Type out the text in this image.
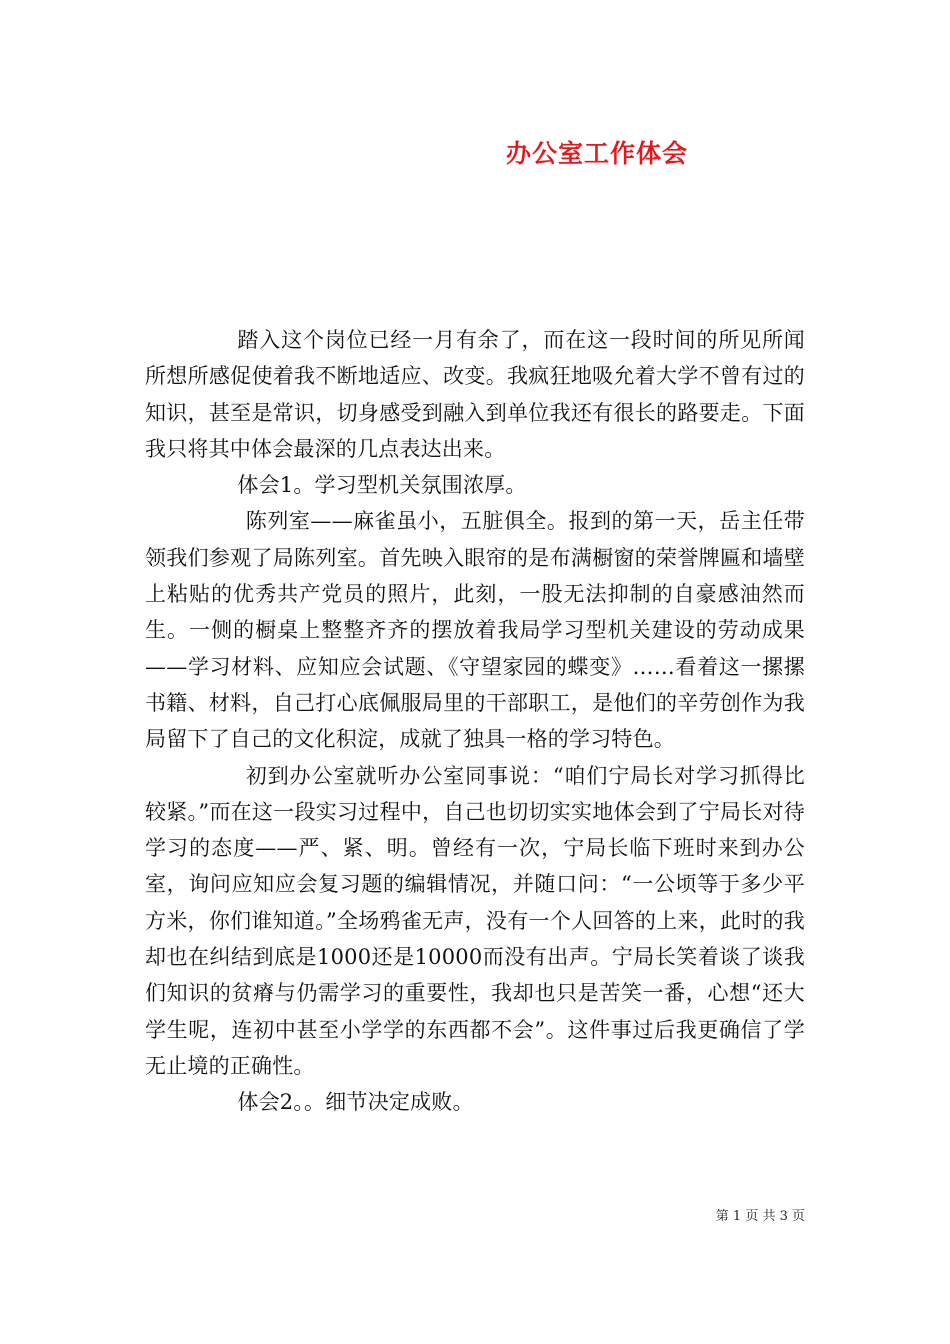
办公室工作体会

踏入这个岗位已经一月有余了，而在这一段时间的所见所闻所想所感促使着我不断地适应、改变。我疯狂地吸允着大学不曾有过的知识，甚至是常识，切身感受到融入到单位我还有很长的路要走。下面我只将其中体会最深的几点表达出来。

体会1。学习型机关氛围浓厚。

陈列室——麻雀虽小，五脏俱全。报到的第一天，岳主任带领我们参观了局陈列室。首先映入眼帘的是布满橱窗的荣誉牌匾和墙壁上粘贴的优秀共产党员的照片，此刻，一股无法抑制的自豪感油然而生。一侧的橱桌上整整齐齐的摆放着我局学习型机关建设的劳动成果——学习材料、应知应会试题、《守望家园的蝶变》……看着这一摞摞书籍、材料，自己打心底佩服局里的干部职工，是他们的辛劳创作为我局留下了自己的文化积淀，成就了独具一格的学习特色。

初到办公室就听办公室同事说：“咱们宁局长对学习抓得比较紧。”而在这一段实习过程中，自己也切切实实地体会到了宁局长对待学习的态度——严、紧、明。曾经有一次，宁局长临下班时来到办公室，询问应知应会复习题的编辑情况，并随口问：“一公顷等于多少平方米，你们谁知道。”全场鸦雀无声，没有一个人回答的上来，此时的我却也在纠结到底是1000还是10000而没有出声。宁局长笑着谈了谈我们知识的贫瘠与仍需学习的重要性，我却也只是苦笑一番，心想“还大学生呢，连初中甚至小学学的东西都不会”。这件事过后我更确信了学无止境的正确性。

体会2。。细节决定成败。

第 1 页 共 3 页
